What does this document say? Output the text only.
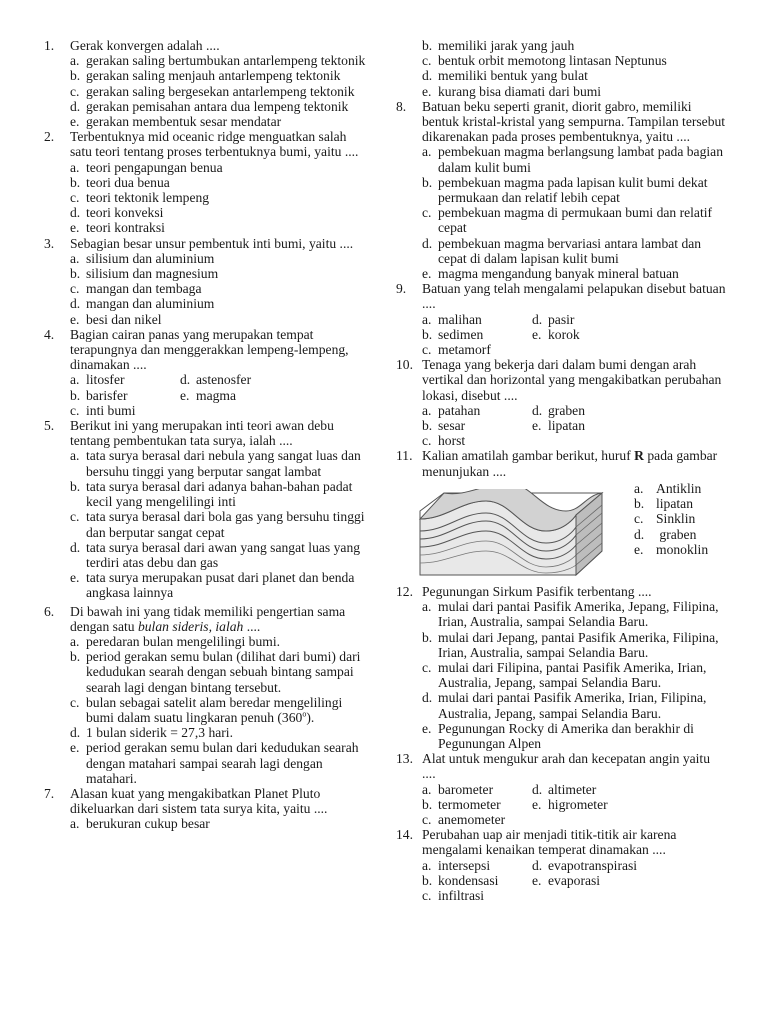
1.	Gerak konvergen adalah ....
a. gerakan saling bertumbukan antarlempeng tektonik
b. gerakan saling menjauh antarlempeng tektonik
c. gerakan saling bergesekan antarlempeng tektonik
d. gerakan pemisahan antara dua lempeng tektonik
e. gerakan membentuk sesar mendatar
2.	Terbentuknya mid oceanic ridge menguatkan salah satu teori tentang proses terbentuknya bumi, yaitu ....
a. teori pengapungan benua
b. teori dua benua
c. teori tektonik lempeng
d. teori konveksi
e. teori kontraksi
3.	Sebagian besar unsur pembentuk inti bumi, yaitu ....
a. silisium dan aluminium
b. silisium dan magnesium
c. mangan dan tembaga
d. mangan dan aluminium
e. besi dan nikel
4.	Bagian cairan panas yang merupakan tempat terapungnya dan menggerakkan lempeng-lempeng, dinamakan ....
a. litosfer	d. astenosfer
b. barisfer	e. magma
c. inti bumi
5.	Berikut ini yang merupakan inti teori awan debu tentang pembentukan tata surya, ialah ....
a. tata surya berasal dari nebula yang sangat luas dan bersuhu tinggi yang berputar sangat lambat
b. tata surya berasal dari adanya bahan-bahan padat kecil yang mengelilingi inti
c. tata surya berasal dari bola gas yang bersuhu tinggi dan berputar sangat cepat
d. tata surya berasal dari awan yang sangat luas yang terdiri atas debu dan gas
e. tata surya merupakan pusat dari planet dan benda angkasa lainnya
6.	Di bawah ini yang tidak memiliki pengertian sama dengan satu bulan sideris, ialah ....
a. peredaran bulan mengelilingi bumi.
b. period gerakan semu bulan (dilihat dari bumi) dari kedudukan searah dengan sebuah bintang sampai searah lagi dengan bintang tersebut.
c. bulan sebagai satelit alam beredar mengelilingi bumi dalam suatu lingkaran penuh (360$^o$).
d. 1 bulan siderik = 27,3 hari.
e. period gerakan semu bulan dari kedudukan searah dengan matahari sampai searah lagi dengan matahari.
7.	Alasan kuat yang mengakibatkan Planet Pluto dikeluarkan dari sistem tata surya kita, yaitu ....
a. berukuran cukup besar
b. memiliki jarak yang jauh
c. bentuk orbit memotong lintasan Neptunus
d. memiliki bentuk yang bulat
e. kurang bisa diamati dari bumi
8.	Batuan beku seperti granit, diorit gabro, memiliki bentuk kristal-kristal yang sempurna. Tampilan tersebut dikarenakan pada proses pembentuknya, yaitu ....
a. pembekuan magma berlangsung lambat pada bagian dalam kulit bumi
b. pembekuan magma pada lapisan kulit bumi dekat permukaan dan relatif lebih cepat
c. pembekuan magma di permukaan bumi dan relatif cepat
d. pembekuan magma bervariasi antara lambat dan cepat di dalam lapisan kulit bumi
e. magma mengandung banyak mineral batuan
9.	Batuan yang telah mengalami pelapukan disebut batuan ....
a. malihan	d. pasir
b. sedimen	e. korok
c. metamorf
10. Tenaga yang bekerja dari dalam bumi dengan arah vertikal dan horizontal yang mengakibatkan perubahan lokasi, disebut ....
a. patahan	d. graben
b. sesar	e. lipatan
c. horst
11. Kalian amatilah gambar berikut, huruf R pada gambar menunjukan ....
a. Antiklin
b. lipatan
c. Sinklin
d. graben
e. monoklin
12. Pegunungan Sirkum Pasifik terbentang ....
a. mulai dari pantai Pasifik Amerika, Jepang, Filipina, Irian, Australia, sampai Selandia Baru.
b. mulai dari Jepang, pantai Pasifik Amerika, Filipina, Irian, Australia, sampai Selandia Baru.
c. mulai dari Filipina, pantai Pasifik Amerika, Irian, Australia, Jepang, sampai Selandia Baru.
d. mulai dari pantai Pasifik Amerika, Irian, Filipina, Australia, Jepang, sampai Selandia Baru.
e. Pegunungan Rocky di Amerika dan berakhir di Pegunungan Alpen
13. Alat untuk mengukur arah dan kecepatan angin yaitu ....
a. barometer	d. altimeter
b. termometer e. higrometer
c. anemometer
14. Perubahan uap air menjadi titik-titik air karena mengalami kenaikan temperat dinamakan ....
a. intersepsi	d. evapotranspirasi
b. kondensasi e. evaporasi
c. infiltrasi
